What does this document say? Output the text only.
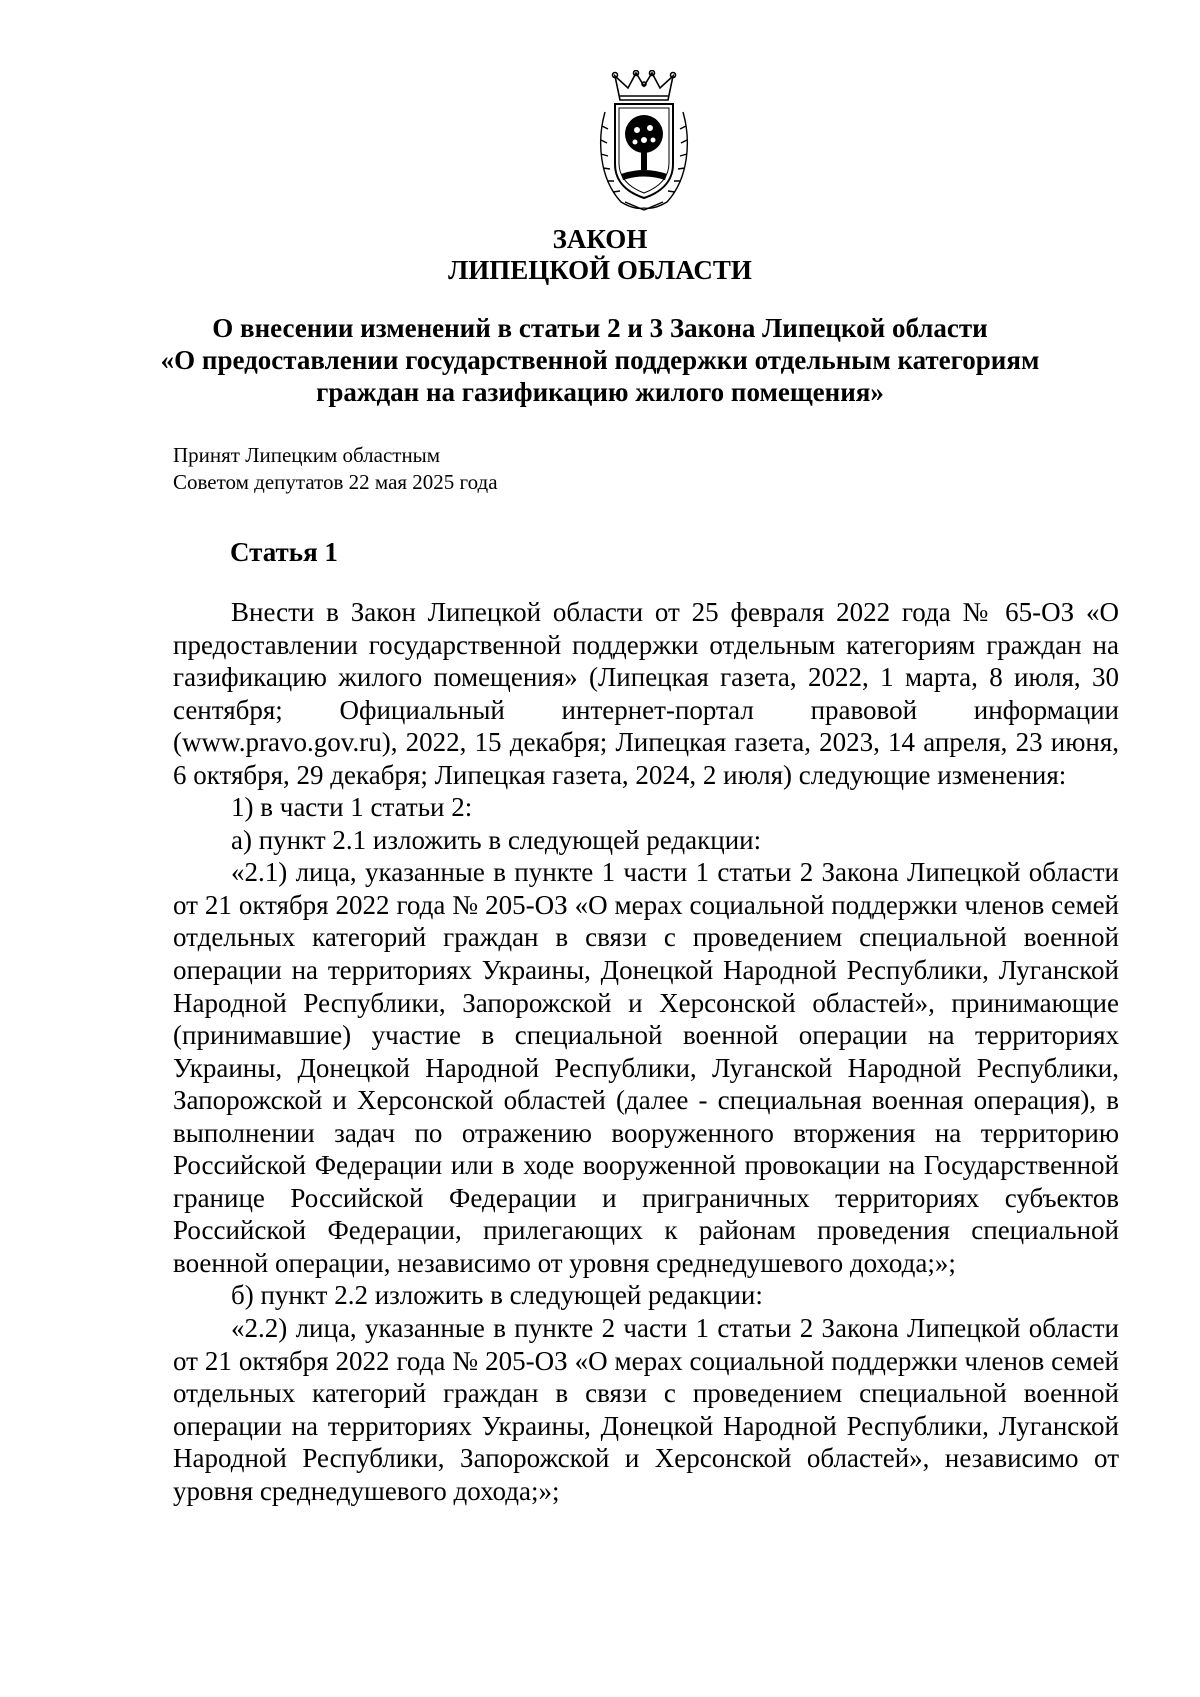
ЗАКОН
ЛИПЕЦКОЙ ОБЛАСТИ
О внесении изменений в статьи 2 и 3 Закона Липецкой области
«О предоставлении государственной поддержки отдельным категориям
граждан на газификацию жилого помещения»
Принят Липецким областным
Советом депутатов 22 мая 2025 года
Статья 1

Внести в Закон Липецкой области от 25 февраля 2022 года № 65-ОЗ «О предоставлении государственной поддержки отдельным категориям граждан на газификацию жилого помещения» (Липецкая газета, 2022, 1 марта, 8 июля, 30 сентября; Официальный интернет-портал правовой информации (www.pravo.gov.ru), 2022, 15 декабря; Липецкая газета, 2023, 14 апреля, 23 июня, 6 октября, 29 декабря; Липецкая газета, 2024, 2 июля) следующие изменения:

1) в части 1 статьи 2:

а) пункт 2.1 изложить в следующей редакции:

«2.1) лица, указанные в пункте 1 части 1 статьи 2 Закона Липецкой области от 21 октября 2022 года № 205-ОЗ «О мерах социальной поддержки членов семей отдельных категорий граждан в связи с проведением специальной военной операции на территориях Украины, Донецкой Народной Республики, Луганской Народной Республики, Запорожской и Херсонской областей», принимающие (принимавшие) участие в специальной военной операции на территориях Украины, Донецкой Народной Республики, Луганской Народной Республики, Запорожской и Херсонской областей (далее - специальная военная операция), в выполнении задач по отражению вооруженного вторжения на территорию Российской Федерации или в ходе вооруженной провокации на Государственной границе Российской Федерации и приграничных территориях субъектов Российской Федерации, прилегающих к районам проведения специальной военной операции, независимо от уровня среднедушевого дохода;»;

б) пункт 2.2 изложить в следующей редакции:

«2.2) лица, указанные в пункте 2 части 1 статьи 2 Закона Липецкой области от 21 октября 2022 года № 205-ОЗ «О мерах социальной поддержки членов семей отдельных категорий граждан в связи с проведением специальной военной операции на территориях Украины, Донецкой Народной Республики, Луганской Народной Республики, Запорожской и Херсонской областей», независимо от уровня среднедушевого дохода;»;
